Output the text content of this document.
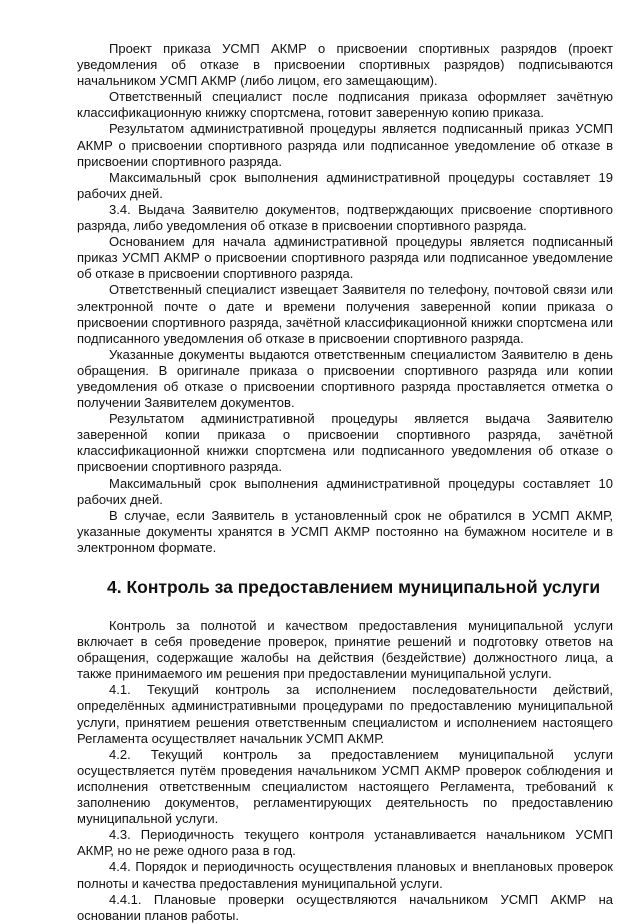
Проект приказа УСМП АКМР о присвоении спортивных разрядов (проект уведомления об отказе в присвоении спортивных разрядов) подписываются начальником УСМП АКМР (либо лицом, его замещающим).

Ответственный специалист после подписания приказа оформляет зачётную классификационную книжку спортсмена, готовит заверенную копию приказа.

Результатом административной процедуры является подписанный приказ УСМП АКМР о присвоении спортивного разряда или подписанное уведомление об отказе в присвоении спортивного разряда.

Максимальный срок выполнения административной процедуры составляет 19 рабочих дней.

3.4. Выдача Заявителю документов, подтверждающих присвоение спортивного разряда, либо уведомления об отказе в присвоении спортивного разряда.

Основанием для начала административной процедуры является подписанный приказ УСМП АКМР о присвоении спортивного разряда или подписанное уведомление об отказе в присвоении спортивного разряда.

Ответственный специалист извещает Заявителя по телефону, почтовой связи или электронной почте о дате и времени получения заверенной копии приказа о присвоении спортивного разряда, зачётной классификационной книжки спортсмена или подписанного уведомления об отказе в присвоении спортивного разряда.

Указанные документы выдаются ответственным специалистом Заявителю в день обращения. В оригинале приказа о присвоении спортивного разряда или копии уведомления об отказе о присвоении спортивного разряда проставляется отметка о получении Заявителем документов.

Результатом административной процедуры является выдача Заявителю заверенной копии приказа о присвоении спортивного разряда, зачётной классификационной книжки спортсмена или подписанного уведомления об отказе о присвоении спортивного разряда.

Максимальный срок выполнения административной процедуры составляет 10 рабочих дней.

В случае, если Заявитель в установленный срок не обратился в УСМП АКМР, указанные документы хранятся в УСМП АКМР постоянно на бумажном носителе и в электронном формате.

4. Контроль за предоставлением муниципальной услуги

Контроль за полнотой и качеством предоставления муниципальной услуги включает в себя проведение проверок, принятие решений и подготовку ответов на обращения, содержащие жалобы на действия (бездействие) должностного лица, а также принимаемого им решения при предоставлении муниципальной услуги.

4.1. Текущий контроль за исполнением последовательности действий, определённых административными процедурами по предоставлению муниципальной услуги, принятием решения ответственным специалистом и исполнением настоящего Регламента осуществляет начальник УСМП АКМР.

4.2. Текущий контроль за предоставлением муниципальной услуги осуществляется путём проведения начальником УСМП АКМР проверок соблюдения и исполнения ответственным специалистом настоящего Регламента, требований к заполнению документов, регламентирующих деятельность по предоставлению муниципальной услуги.

4.3. Периодичность текущего контроля устанавливается начальником УСМП АКМР, но не реже одного раза в год.

4.4. Порядок и периодичность осуществления плановых и внеплановых проверок полноты и качества предоставления муниципальной услуги.

4.4.1. Плановые проверки осуществляются начальником УСМП АКМР на основании планов работы.
